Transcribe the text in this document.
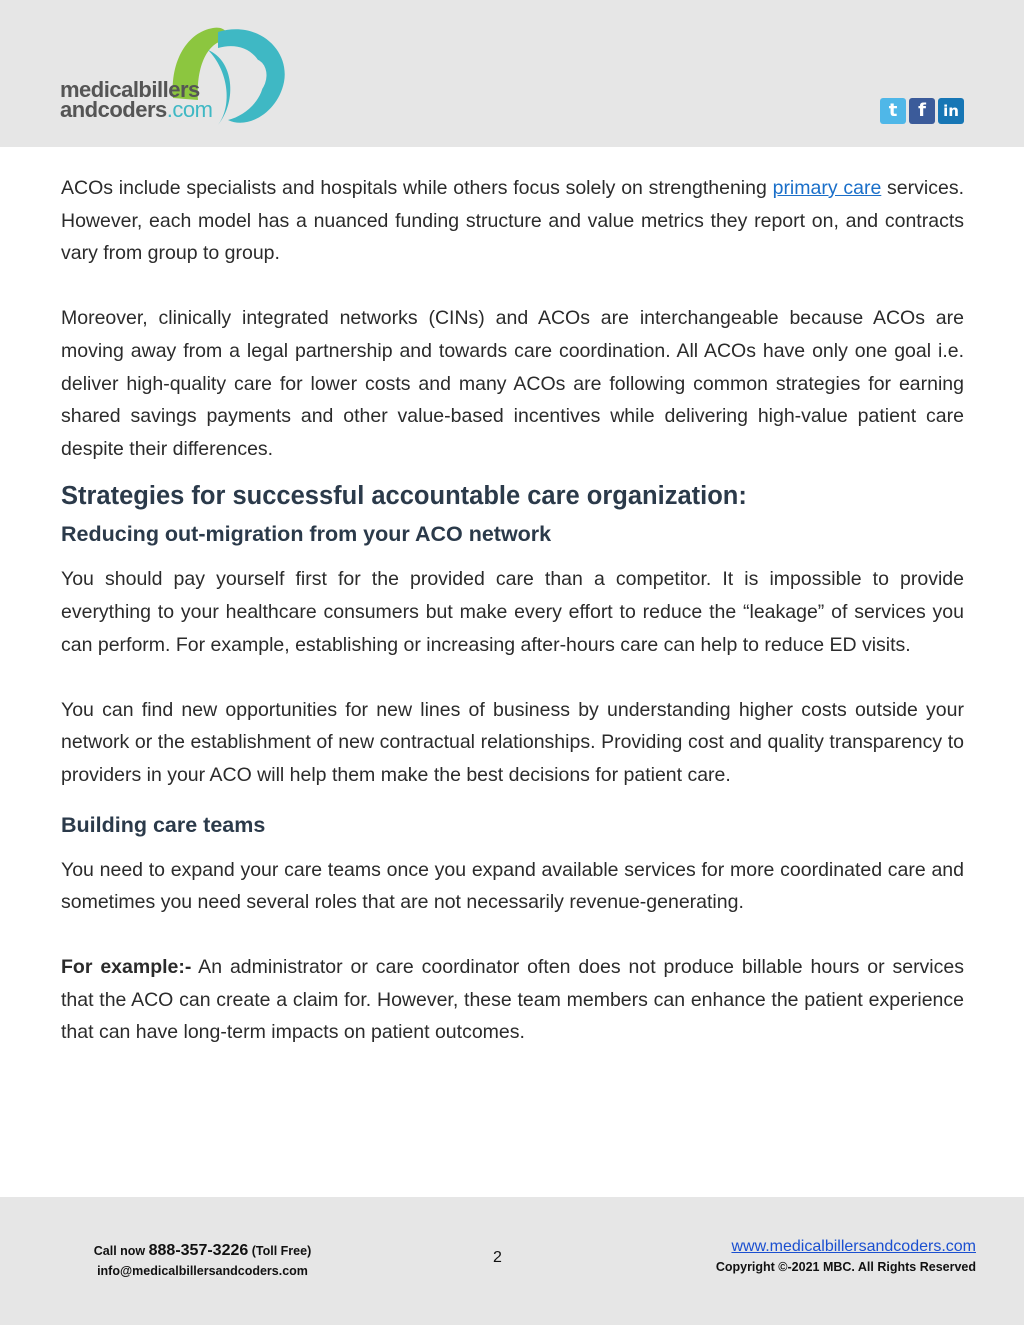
medicalbillers
andcoders.com	t	f	in

ACOs include specialists and hospitals while others focus solely on strengthening primary care services. However, each model has a nuanced funding structure and value metrics they report on, and contracts vary from group to group.

Moreover, clinically integrated networks (CINs) and ACOs are interchangeable because ACOs are moving away from a legal partnership and towards care coordination. All ACOs have only one goal i.e. deliver high-quality care for lower costs and many ACOs are following common strategies for earning shared savings payments and other value-based incentives while delivering high-value patient care despite their differences.

Strategies for successful accountable care organization:
Reducing out-migration from your ACO network

You should pay yourself first for the provided care than a competitor. It is impossible to provide everything to your healthcare consumers but make every effort to reduce the “leakage” of services you can perform. For example, establishing or increasing after-hours care can help to reduce ED visits.

You can find new opportunities for new lines of business by understanding higher costs outside your network or the establishment of new contractual relationships. Providing cost and quality transparency to providers in your ACO will help them make the best decisions for patient care.

Building care teams

You need to expand your care teams once you expand available services for more coordinated care and sometimes you need several roles that are not necessarily revenue-generating.

For example:- An administrator or care coordinator often does not produce billable hours or services that the ACO can create a claim for. However, these team members can enhance the patient experience that can have long-term impacts on patient outcomes.

Call now 888-357-3226 (Toll Free)
info@medicalbillersandcoders.com
2
www.medicalbillersandcoders.com
Copyright ©-2021 MBC. All Rights Reserved
